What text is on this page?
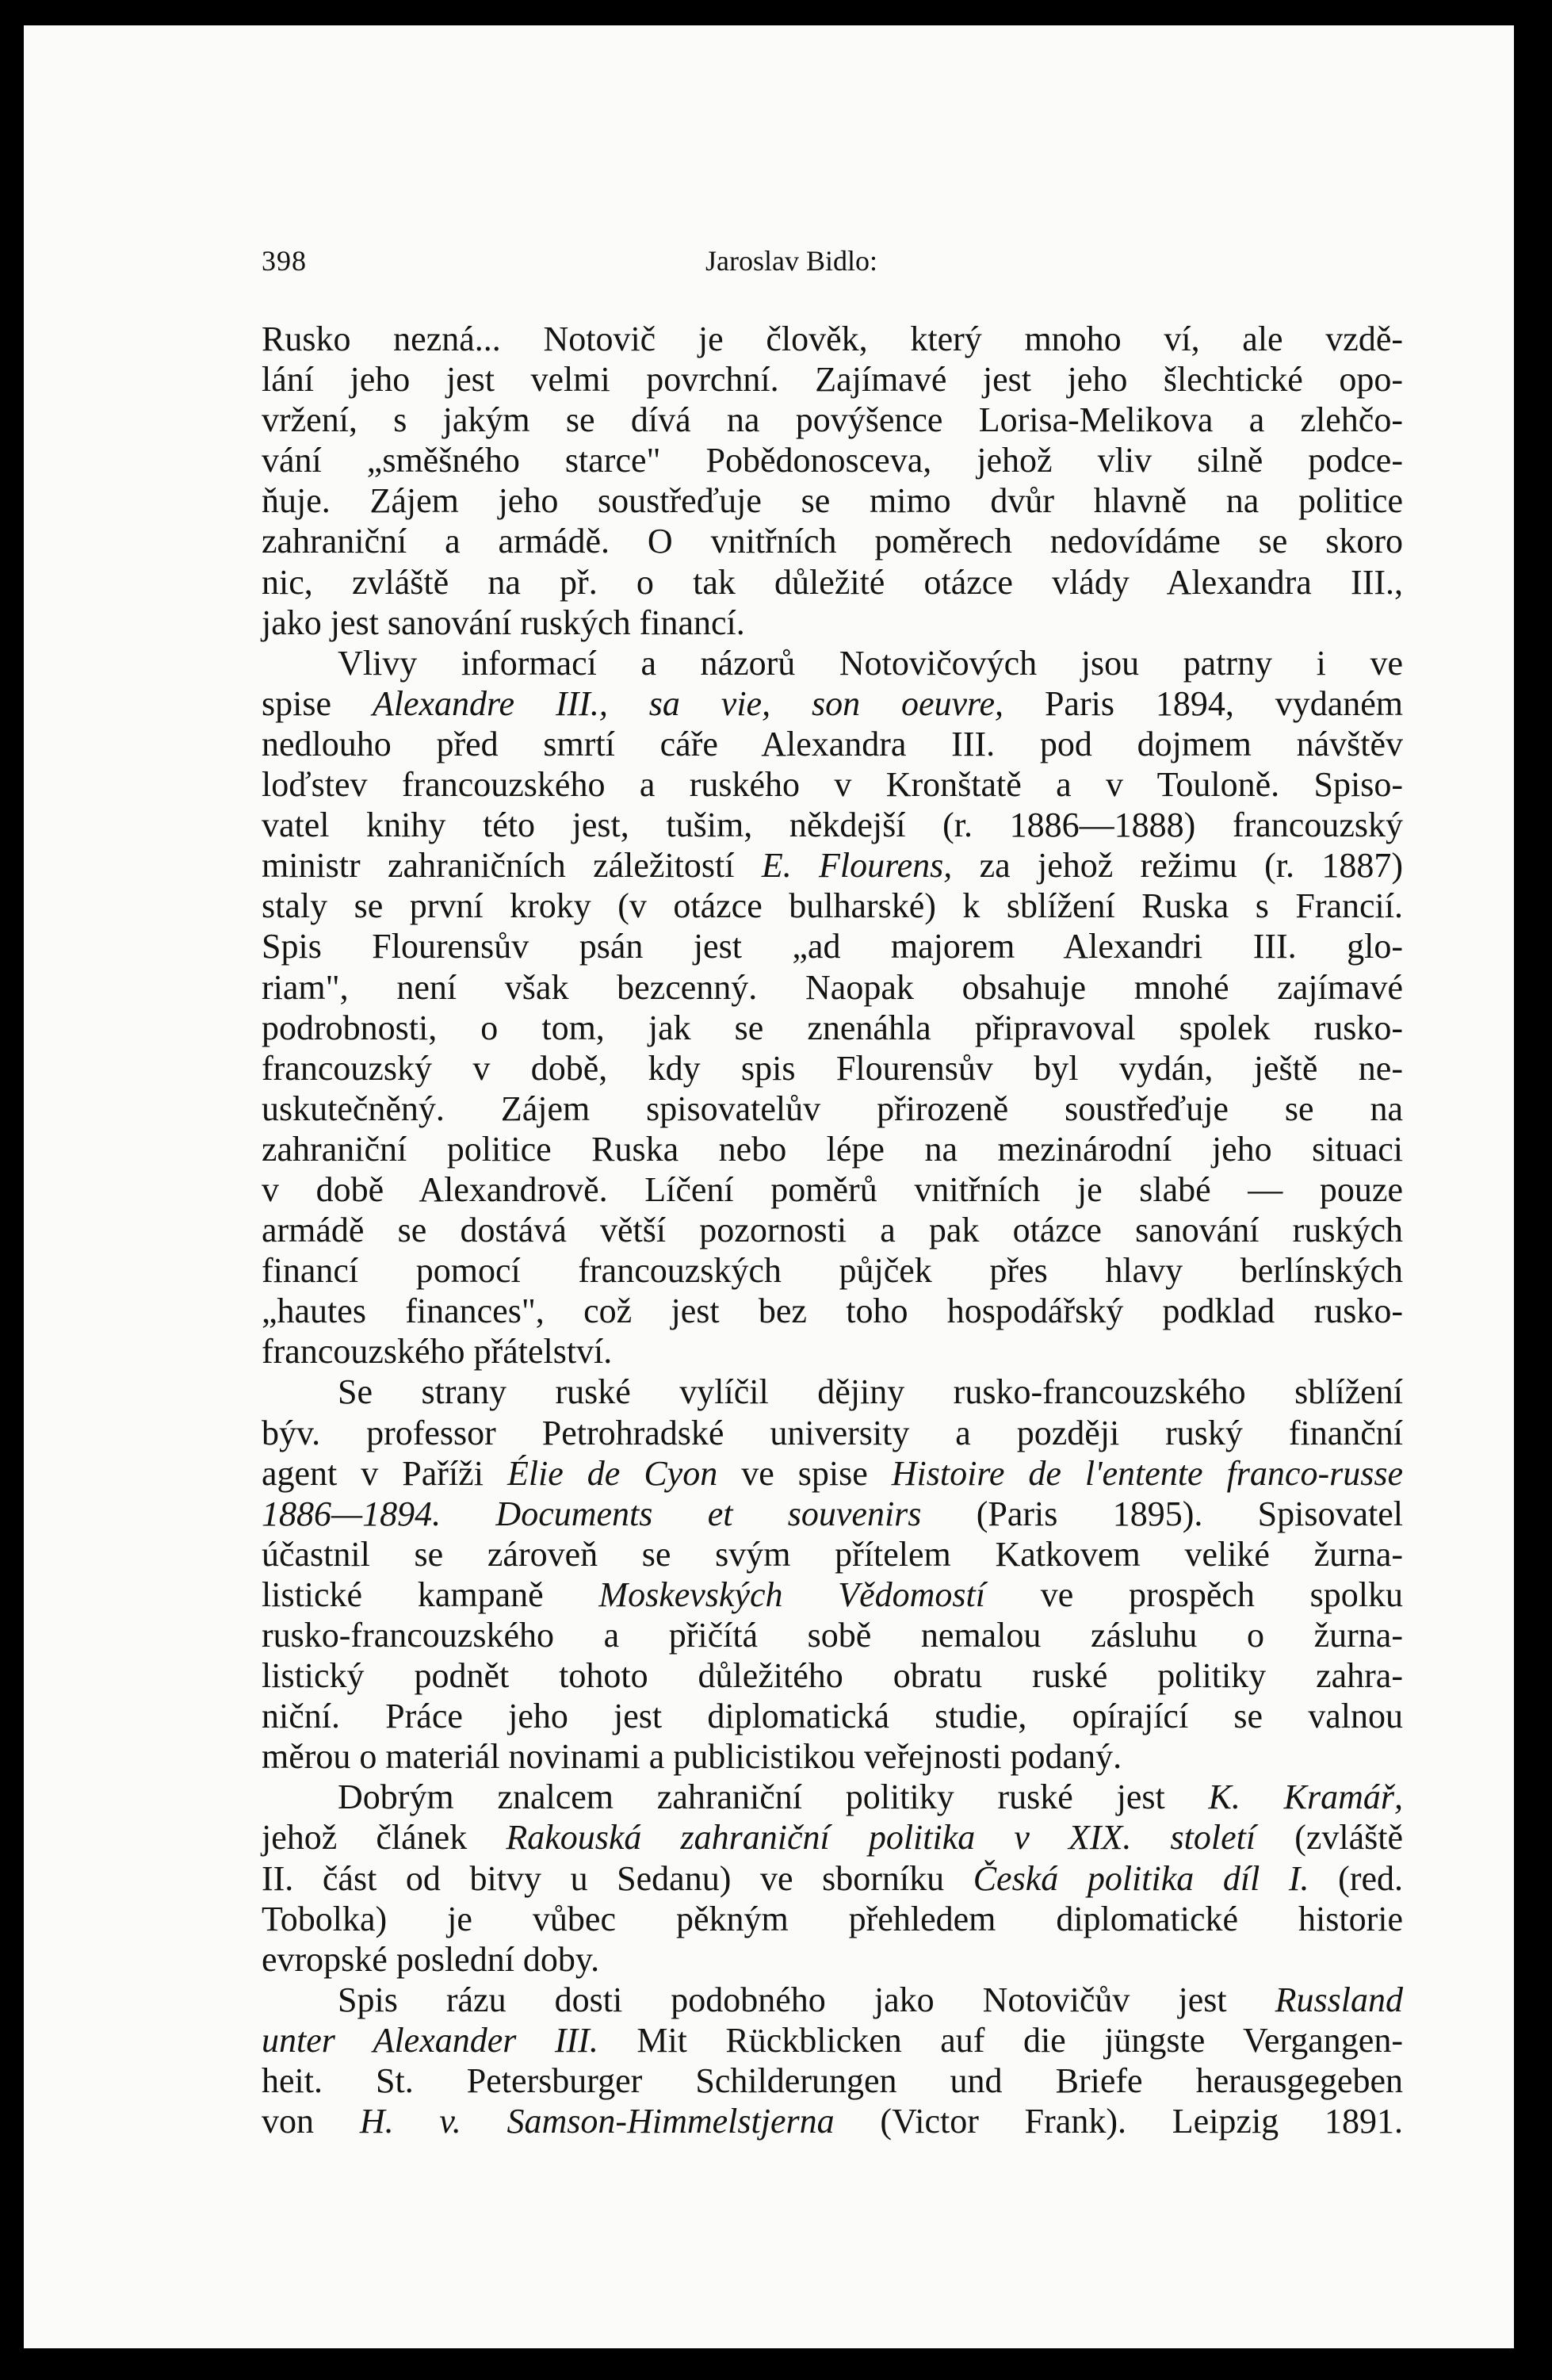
398	Jaroslav Bidlo:

Rusko nezná... Notovič je člověk, který mnoho ví, ale vzdě-
lání jeho jest velmi povrchní. Zajímavé jest jeho šlechtické opo-
vržení, s jakým se dívá na povýšence Lorisa-Melikova a zlehčo-
vání „směšného starce" Pobědonosceva, jehož vliv silně podce-
ňuje. Zájem jeho soustřeďuje se mimo dvůr hlavně na politice
zahraniční a armádě. O vnitřních poměrech nedovídáme se skoro
nic, zvláště na př. o tak důležité otázce vlády Alexandra III.,
jako jest sanování ruských financí.

Vlivy informací a názorů Notovičových jsou patrny i ve
spise Alexandre III., sa vie, son oeuvre, Paris 1894, vydaném
nedlouho před smrtí cáře Alexandra III. pod dojmem návštěv
loďstev francouzského a ruského v Kronštatě a v Touloně. Spiso-
vatel knihy této jest, tušim, někdejší (r. 1886—1888) francouzský
ministr zahraničních záležitostí E. Flourens, za jehož režimu (r. 1887)
staly se první kroky (v otázce bulharské) k sblížení Ruska s Francií.
Spis Flourensův psán jest „ad majorem Alexandri III. glo-
riam", není však bezcenný. Naopak obsahuje mnohé zajímavé
podrobnosti, o tom, jak se znenáhla připravoval spolek rusko-
francouzský v době, kdy spis Flourensův byl vydán, ještě ne-
uskutečněný. Zájem spisovatelův přirozeně soustřeďuje se na
zahraniční politice Ruska nebo lépe na mezinárodní jeho situaci
v době Alexandrově. Líčení poměrů vnitřních je slabé — pouze
armádě se dostává větší pozornosti a pak otázce sanování ruských
financí pomocí francouzských půjček přes hlavy berlínských
„hautes finances", což jest bez toho hospodářský podklad rusko-
francouzského přátelství.

Se strany ruské vylíčil dějiny rusko-francouzského sblížení
býv. professor Petrohradské university a později ruský finanční
agent v Paříži Élie de Cyon ve spise Histoire de l'entente franco-russe
1886—1894. Documents et souvenirs (Paris 1895). Spisovatel
účastnil se zároveň se svým přítelem Katkovem veliké žurna-
listické kampaně Moskevských Vědomostí ve prospěch spolku
rusko-francouzského a přičítá sobě nemalou zásluhu o žurna-
listický podnět tohoto důležitého obratu ruské politiky zahra-
niční. Práce jeho jest diplomatická studie, opírající se valnou
měrou o materiál novinami a publicistikou veřejnosti podaný.

Dobrým znalcem zahraniční politiky ruské jest K. Kramář,
jehož článek Rakouská zahraniční politika v XIX. století (zvláště
II. část od bitvy u Sedanu) ve sborníku Česká politika díl I. (red.
Tobolka) je vůbec pěkným přehledem diplomatické historie
evropské poslední doby.

Spis rázu dosti podobného jako Notovičův jest Russland
unter Alexander III. Mit Rückblicken auf die jüngste Vergangen-
heit. St. Petersburger Schilderungen und Briefe herausgegeben
von H. v. Samson-Himmelstjerna (Victor Frank). Leipzig 1891.
